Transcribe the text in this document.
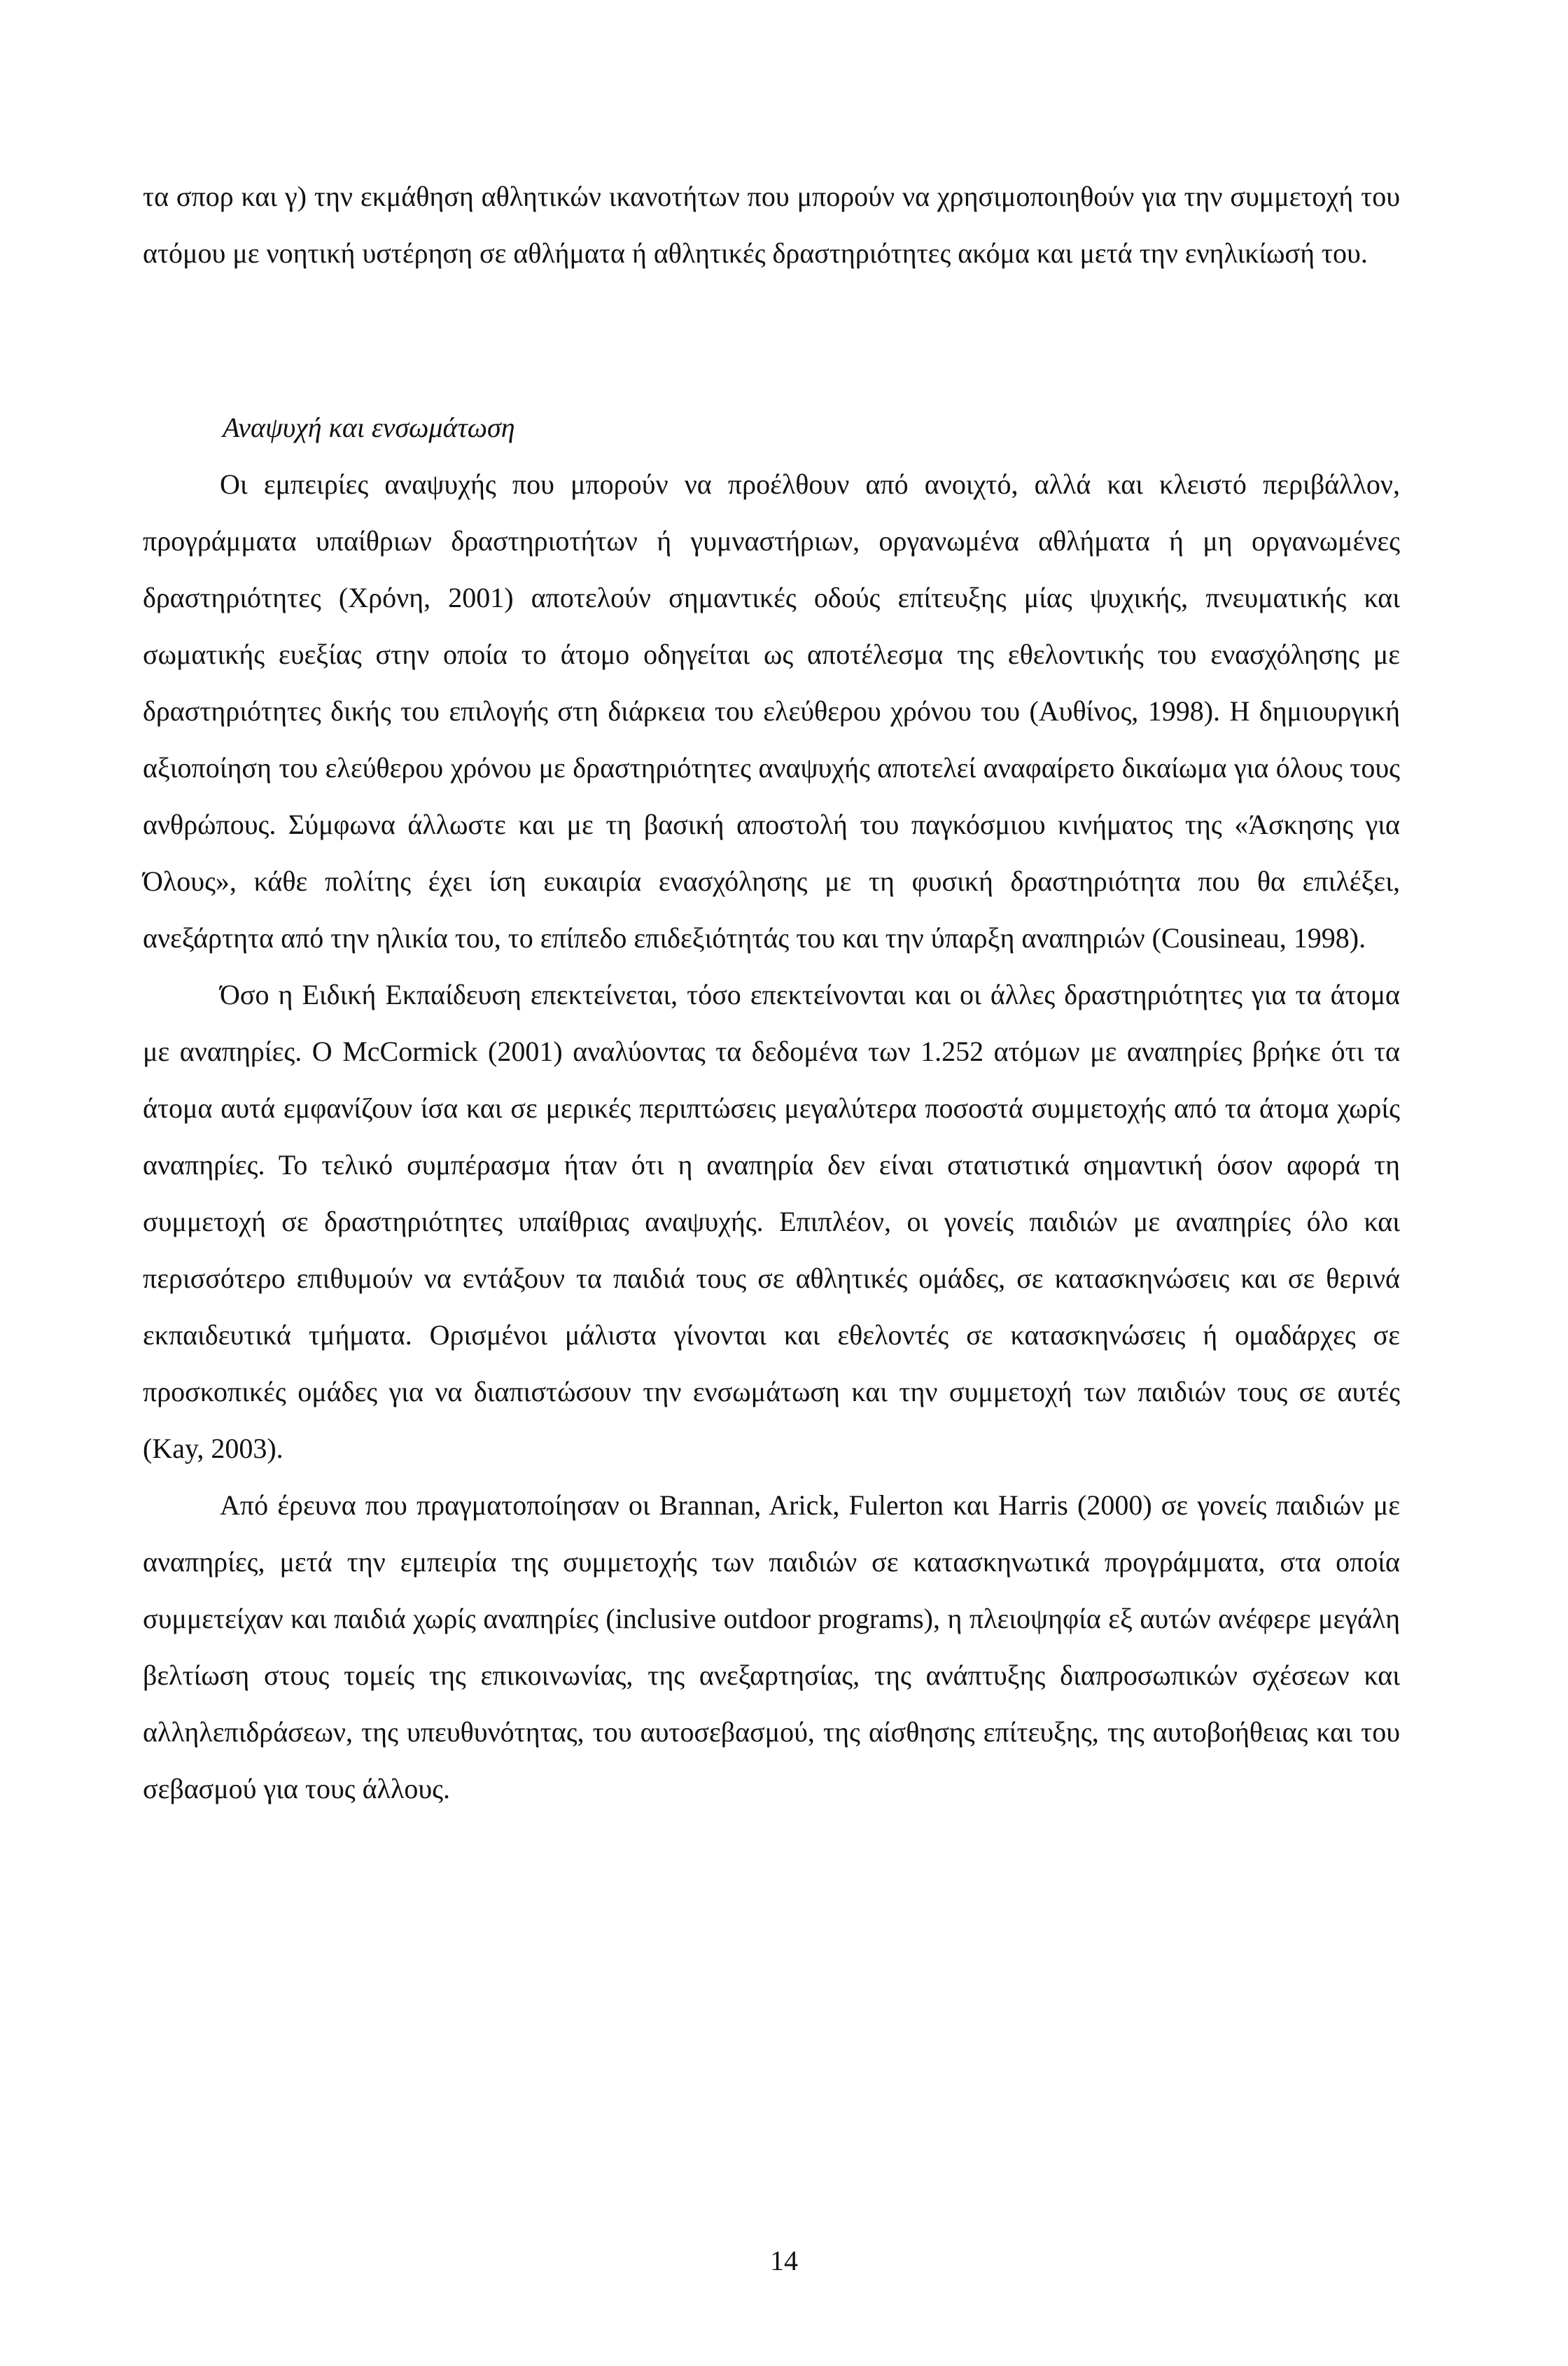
τα σπορ και γ) την εκμάθηση αθλητικών ικανοτήτων που μπορούν να χρησιμοποιηθούν για την συμμετοχή του ατόμου με νοητική υστέρηση σε αθλήματα ή αθλητικές δραστηριότητες ακόμα και μετά την ενηλικίωσή του.

Αναψυχή και ενσωμάτωση

Οι εμπειρίες αναψυχής που μπορούν να προέλθουν από ανοιχτό, αλλά και κλειστό περιβάλλον, προγράμματα υπαίθριων δραστηριοτήτων ή γυμναστήριων, οργανωμένα αθλήματα ή μη οργανωμένες δραστηριότητες (Χρόνη, 2001) αποτελούν σημαντικές οδούς επίτευξης μίας ψυχικής, πνευματικής και σωματικής ευεξίας στην οποία το άτομο οδηγείται ως αποτέλεσμα της εθελοντικής του ενασχόλησης με δραστηριότητες δικής του επιλογής στη διάρκεια του ελεύθερου χρόνου του (Αυθίνος, 1998). Η δημιουργική αξιοποίηση του ελεύθερου χρόνου με δραστηριότητες αναψυχής αποτελεί αναφαίρετο δικαίωμα για όλους τους ανθρώπους. Σύμφωνα άλλωστε και με τη βασική αποστολή του παγκόσμιου κινήματος της «Άσκησης για Όλους», κάθε πολίτης έχει ίση ευκαιρία ενασχόλησης με τη φυσική δραστηριότητα που θα επιλέξει, ανεξάρτητα από την ηλικία του, το επίπεδο επιδεξιότητάς του και την ύπαρξη αναπηριών (Cousineau, 1998).

Όσο η Ειδική Εκπαίδευση επεκτείνεται, τόσο επεκτείνονται και οι άλλες δραστηριότητες για τα άτομα με αναπηρίες. Ο McCormick (2001) αναλύοντας τα δεδομένα των 1.252 ατόμων με αναπηρίες βρήκε ότι τα άτομα αυτά εμφανίζουν ίσα και σε μερικές περιπτώσεις μεγαλύτερα ποσοστά συμμετοχής από τα άτομα χωρίς αναπηρίες. Το τελικό συμπέρασμα ήταν ότι η αναπηρία δεν είναι στατιστικά σημαντική όσον αφορά τη συμμετοχή σε δραστηριότητες υπαίθριας αναψυχής. Επιπλέον, οι γονείς παιδιών με αναπηρίες όλο και περισσότερο επιθυμούν να εντάξουν τα παιδιά τους σε αθλητικές ομάδες, σε κατασκηνώσεις και σε θερινά εκπαιδευτικά τμήματα. Ορισμένοι μάλιστα γίνονται και εθελοντές σε κατασκηνώσεις ή ομαδάρχες σε προσκοπικές ομάδες για να διαπιστώσουν την ενσωμάτωση και την συμμετοχή των παιδιών τους σε αυτές (Kay, 2003).

Από έρευνα που πραγματοποίησαν οι Brannan, Arick, Fulerton και Harris (2000) σε γονείς παιδιών με αναπηρίες, μετά την εμπειρία της συμμετοχής των παιδιών σε κατασκηνωτικά προγράμματα, στα οποία συμμετείχαν και παιδιά χωρίς αναπηρίες (inclusive outdoor programs), η πλειοψηφία εξ αυτών ανέφερε μεγάλη βελτίωση στους τομείς της επικοινωνίας, της ανεξαρτησίας, της ανάπτυξης διαπροσωπικών σχέσεων και αλληλεπιδράσεων, της υπευθυνότητας, του αυτοσεβασμού, της αίσθησης επίτευξης, της αυτοβοήθειας και του σεβασμού για τους άλλους.

14
